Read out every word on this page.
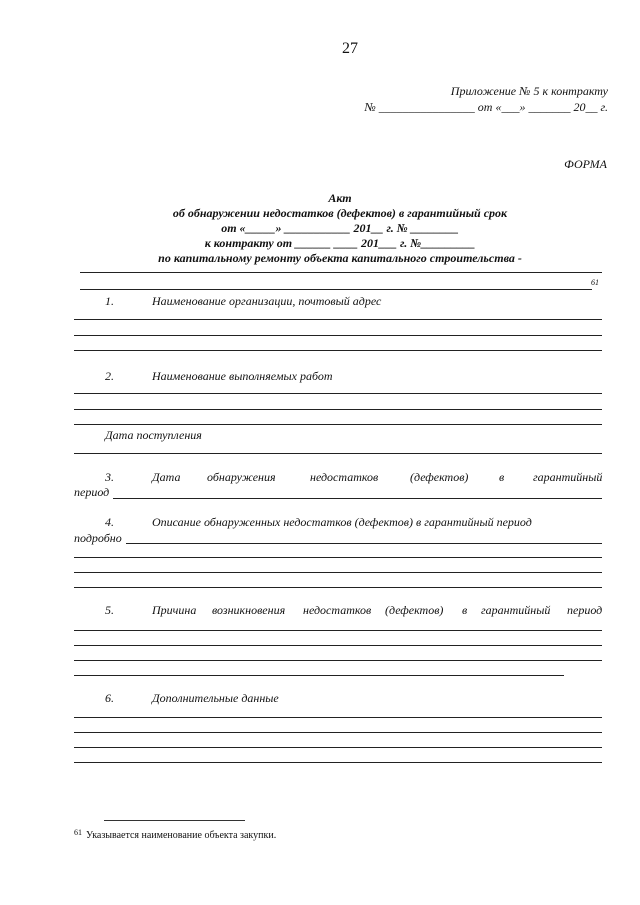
27
Приложение № 5 к контракту
№ ________________ от «___» _______ 20__ г.
ФОРМА
Акт
об обнаружении недостатков (дефектов) в гарантийный срок
от «_____» ___________ 201__ г. № ________
к контракту от ______ ____ 201___ г. №_________
по капитальному ремонту объекта капитального строительства -
61
1.	Наименование организации, почтовый адрес
2.	Наименование выполняемых работ
Дата поступления
3.	Дата обнаружения	недостатков	(дефектов)	в гарантийный
период
4.	Описание обнаруженных недостатков (дефектов) в гарантийный период
подробно
5.	Причина возникновения недостатков (дефектов) в гарантийный период
6.	Дополнительные данные
61 Указывается наименование объекта закупки.
